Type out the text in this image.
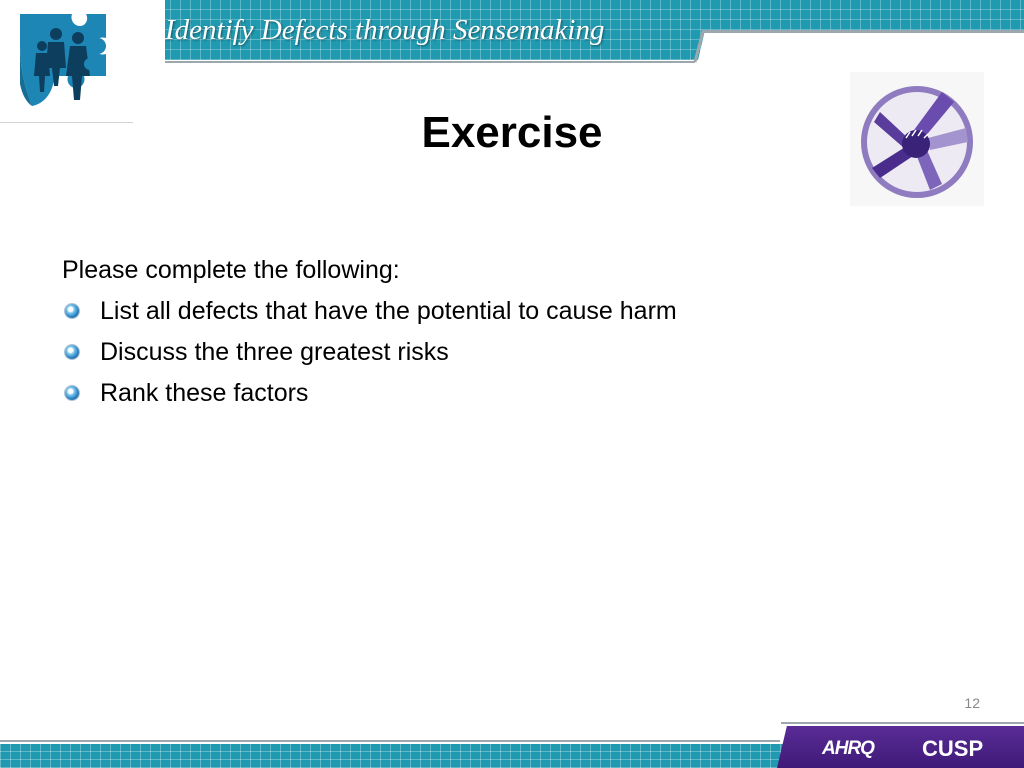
Identify Defects through Sensemaking
Exercise

Please complete the following:

List all defects that have the potential to cause harm
Discuss the three greatest risks
Rank these factors
12
AHRQ CUSP
